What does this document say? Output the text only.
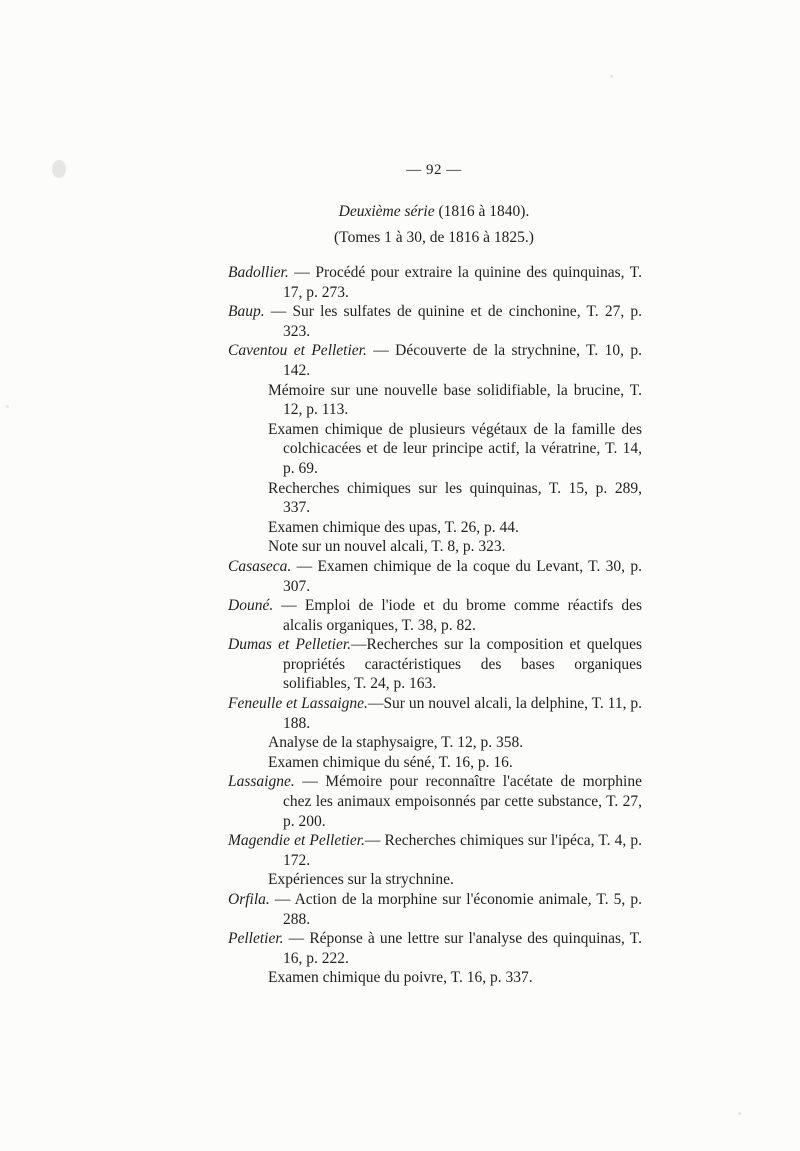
— 92 —
Deuxième série (1816 à 1840).
(Tomes 1 à 30, de 1816 à 1825.)

Badollier. — Procédé pour extraire la quinine des quinquinas, T. 17, p. 273.

Baup. — Sur les sulfates de quinine et de cinchonine, T. 27, p. 323.

Caventou et Pelletier. — Découverte de la strychnine, T. 10, p. 142.

Mémoire sur une nouvelle base solidifiable, la brucine, T. 12, p. 113.

Examen chimique de plusieurs végétaux de la famille des colchicacées et de leur principe actif, la vératrine, T. 14, p. 69.

Recherches chimiques sur les quinquinas, T. 15, p. 289, 337.

Examen chimique des upas, T. 26, p. 44.

Note sur un nouvel alcali, T. 8, p. 323.

Casaseca. — Examen chimique de la coque du Levant, T. 30, p. 307.

Douné. — Emploi de l'iode et du brome comme réactifs des alcalis organiques, T. 38, p. 82.

Dumas et Pelletier.—Recherches sur la composition et quelques propriétés caractéristiques des bases organiques solifiables, T. 24, p. 163.

Feneulle et Lassaigne.—Sur un nouvel alcali, la delphine, T. 11, p. 188.

Analyse de la staphysaigre, T. 12, p. 358.

Examen chimique du séné, T. 16, p. 16.

Lassaigne. — Mémoire pour reconnaître l'acétate de morphine chez les animaux empoisonnés par cette substance, T. 27, p. 200.

Magendie et Pelletier.— Recherches chimiques sur l'ipéca, T. 4, p. 172.

Expériences sur la strychnine.

Orfila. — Action de la morphine sur l'économie animale, T. 5, p. 288.

Pelletier. — Réponse à une lettre sur l'analyse des quinquinas, T. 16, p. 222.

Examen chimique du poivre, T. 16, p. 337.
